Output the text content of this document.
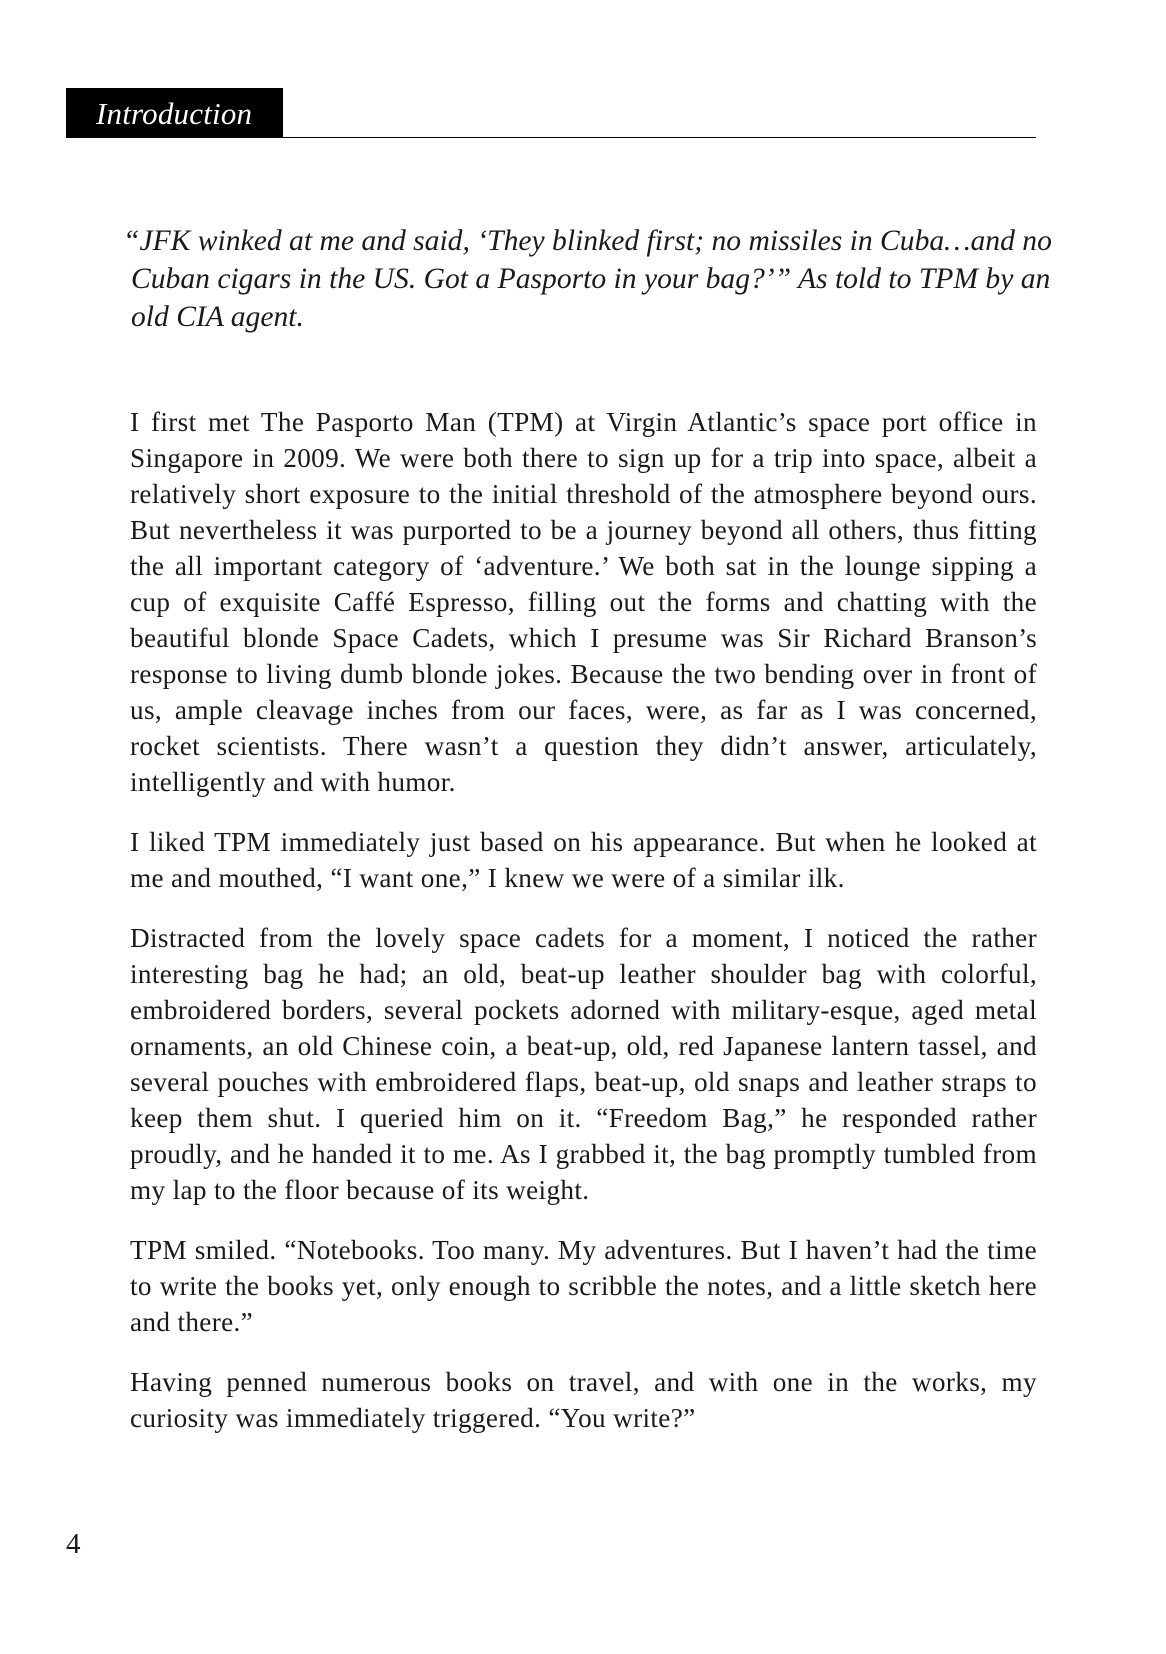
Introduction

“JFK winked at me and said, ‘They blinked first; no missiles in Cuba…and no
Cuban cigars in the US. Got a Pasporto in your bag?’” As told to TPM by an
old CIA agent.

I first met The Pasporto Man (TPM) at Virgin Atlantic’s space port office in Singapore in 2009. We were both there to sign up for a trip into space, albeit a relatively short exposure to the initial threshold of the atmosphere beyond ours. But nevertheless it was purported to be a journey beyond all others, thus fitting the all important category of ‘adventure.’ We both sat in the lounge sipping a cup of exquisite Caffé Espresso, filling out the forms and chatting with the beautiful blonde Space Cadets, which I presume was Sir Richard Branson’s response to living dumb blonde jokes. Because the two bending over in front of us, ample cleavage inches from our faces, were, as far as I was concerned, rocket scientists. There wasn’t a question they didn’t answer, articulately, intelligently and with humor.

I liked TPM immediately just based on his appearance. But when he looked at me and mouthed, “I want one,” I knew we were of a similar ilk.

Distracted from the lovely space cadets for a moment, I noticed the rather interesting bag he had; an old, beat-up leather shoulder bag with colorful, embroidered borders, several pockets adorned with military-esque, aged metal ornaments, an old Chinese coin, a beat-up, old, red Japanese lantern tassel, and several pouches with embroidered flaps, beat-up, old snaps and leather straps to keep them shut. I queried him on it. “Freedom Bag,” he responded rather proudly, and he handed it to me. As I grabbed it, the bag promptly tumbled from my lap to the floor because of its weight.

TPM smiled. “Notebooks. Too many. My adventures. But I haven’t had the time to write the books yet, only enough to scribble the notes, and a little sketch here and there.”

Having penned numerous books on travel, and with one in the works, my curiosity was immediately triggered. “You write?”

4
